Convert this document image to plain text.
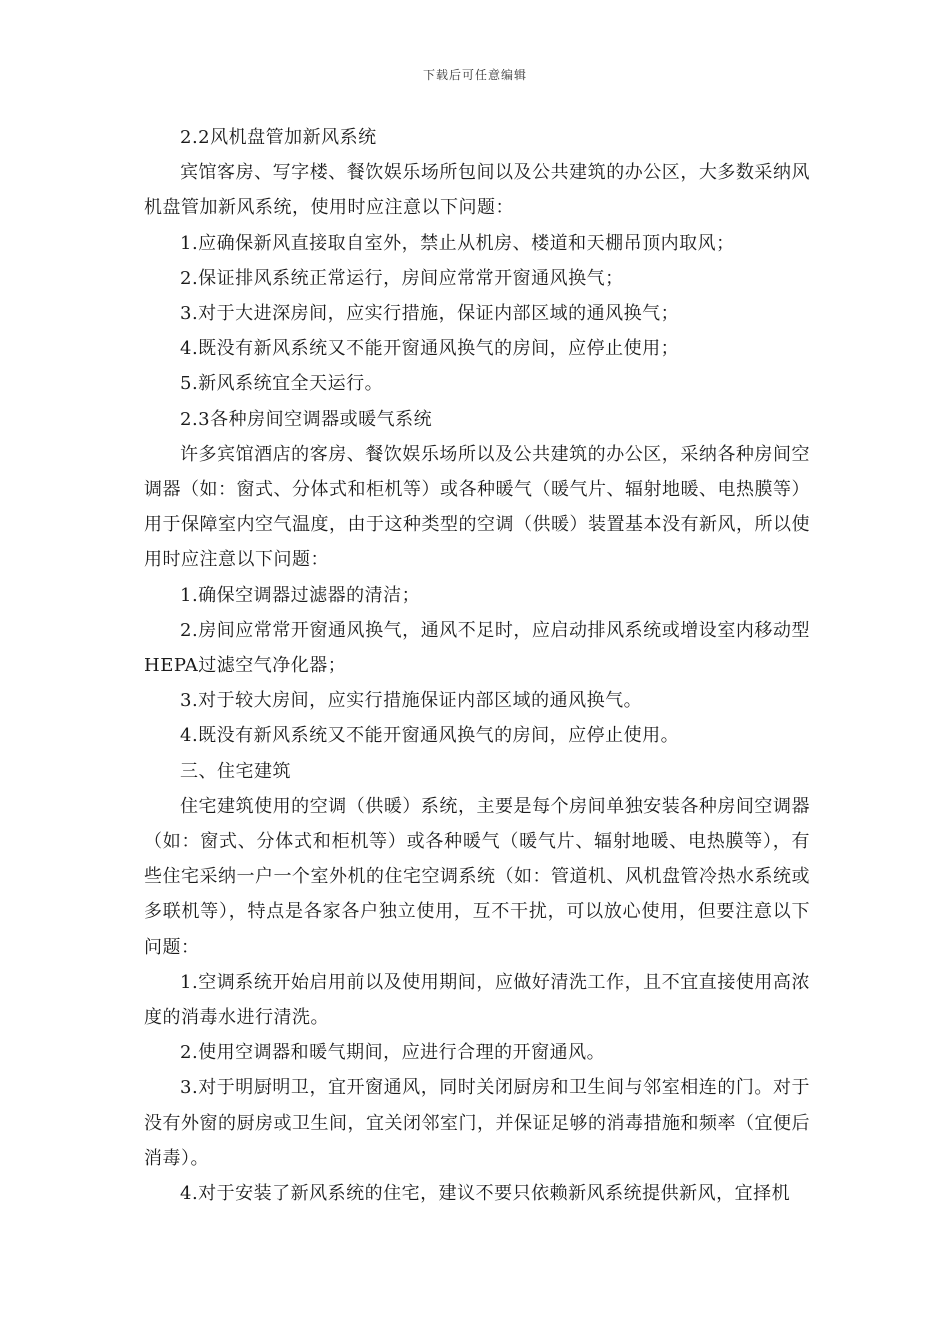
下载后可任意编辑

2.2风机盘管加新风系统

宾馆客房、写字楼、餐饮娱乐场所包间以及公共建筑的办公区，大多数采纳风机盘管加新风系统，使用时应注意以下问题：

1.应确保新风直接取自室外，禁止从机房、楼道和天棚吊顶内取风；

2.保证排风系统正常运行，房间应常常开窗通风换气；

3.对于大进深房间，应实行措施，保证内部区域的通风换气；

4.既没有新风系统又不能开窗通风换气的房间，应停止使用；

5.新风系统宜全天运行。

2.3各种房间空调器或暖气系统

许多宾馆酒店的客房、餐饮娱乐场所以及公共建筑的办公区，采纳各种房间空调器（如：窗式、分体式和柜机等）或各种暖气（暖气片、辐射地暖、电热膜等）用于保障室内空气温度，由于这种类型的空调（供暖）装置基本没有新风，所以使用时应注意以下问题：

1.确保空调器过滤器的清洁；

2.房间应常常开窗通风换气，通风不足时，应启动排风系统或增设室内移动型HEPA过滤空气净化器；

3.对于较大房间，应实行措施保证内部区域的通风换气。

4.既没有新风系统又不能开窗通风换气的房间，应停止使用。

三、住宅建筑

住宅建筑使用的空调（供暖）系统，主要是每个房间单独安装各种房间空调器（如：窗式、分体式和柜机等）或各种暖气（暖气片、辐射地暖、电热膜等），有些住宅采纳一户一个室外机的住宅空调系统（如：管道机、风机盘管冷热水系统或多联机等），特点是各家各户独立使用，互不干扰，可以放心使用，但要注意以下问题：

1.空调系统开始启用前以及使用期间，应做好清洗工作，且不宜直接使用高浓度的消毒水进行清洗。

2.使用空调器和暖气期间，应进行合理的开窗通风。

3.对于明厨明卫，宜开窗通风，同时关闭厨房和卫生间与邻室相连的门。对于没有外窗的厨房或卫生间，宜关闭邻室门，并保证足够的消毒措施和频率（宜便后消毒）。

4.对于安装了新风系统的住宅，建议不要只依赖新风系统提供新风，宜择机
